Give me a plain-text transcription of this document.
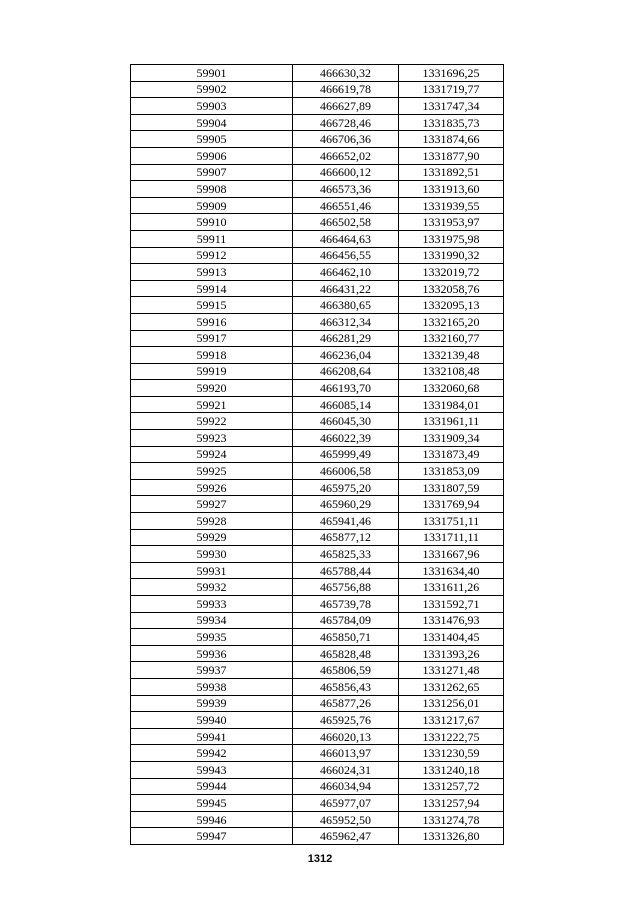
59901	466630,32	1331696,25
59902	466619,78	1331719,77
59903	466627,89	1331747,34
59904	466728,46	1331835,73
59905	466706,36	1331874,66
59906	466652,02	1331877,90
59907	466600,12	1331892,51
59908	466573,36	1331913,60
59909	466551,46	1331939,55
59910	466502,58	1331953,97
59911	466464,63	1331975,98
59912	466456,55	1331990,32
59913	466462,10	1332019,72
59914	466431,22	1332058,76
59915	466380,65	1332095,13
59916	466312,34	1332165,20
59917	466281,29	1332160,77
59918	466236,04	1332139,48
59919	466208,64	1332108,48
59920	466193,70	1332060,68
59921	466085,14	1331984,01
59922	466045,30	1331961,11
59923	466022,39	1331909,34
59924	465999,49	1331873,49
59925	466006,58	1331853,09
59926	465975,20	1331807,59
59927	465960,29	1331769,94
59928	465941,46	1331751,11
59929	465877,12	1331711,11
59930	465825,33	1331667,96
59931	465788,44	1331634,40
59932	465756,88	1331611,26
59933	465739,78	1331592,71
59934	465784,09	1331476,93
59935	465850,71	1331404,45
59936	465828,48	1331393,26
59937	465806,59	1331271,48
59938	465856,43	1331262,65
59939	465877,26	1331256,01
59940	465925,76	1331217,67
59941	466020,13	1331222,75
59942	466013,97	1331230,59
59943	466024,31	1331240,18
59944	466034,94	1331257,72
59945	465977,07	1331257,94
59946	465952,50	1331274,78
59947	465962,47	1331326,80
1312
